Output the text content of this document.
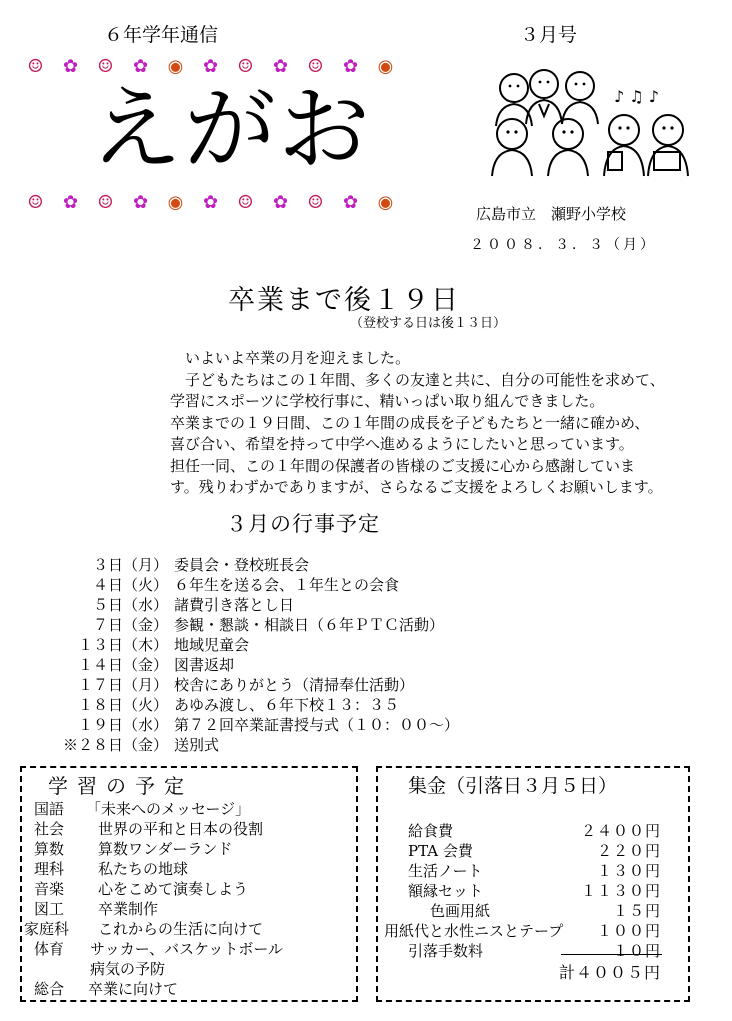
６年学年通信	３月号
☺	✿	☺	✿	◉	✿	☺	✿	☺	✿	◉
えがお
☺	✿	☺	✿	◉	✿	☺	✿	☺	✿	◉
♪ ♫ ♪
広島市立　瀬野小学校
２００８．３．３（月）
卒業まで後１９日
（登校する日は後１３日）

　いよいよ卒業の月を迎えました。

　子どもたちはこの１年間、多くの友達と共に、自分の可能性を求めて、

学習にスポーツに学校行事に、精いっぱい取り組んできました。

卒業までの１９日間、この１年間の成長を子どもたちと一緒に確かめ、

喜び合い、希望を持って中学へ進めるようにしたいと思っています。

担任一同、この１年間の保護者の皆様のご支援に心から感謝していま

す。残りわずかでありますが、さらなるご支援をよろしくお願いします。

３月の行事予定
３日（月） 委員会・登校班長会
４日（火） ６年生を送る会、１年生との会食
５日（水） 諸費引き落とし日
７日（金） 参観・懇談・相談日（６年ＰＴＣ活動）
１３日（木） 地域児童会
１４日（金） 図書返却
１７日（月） 校舎にありがとう（清掃奉仕活動）
１８日（火） あゆみ渡し、６年下校１３：３５
１９日（水） 第７２回卒業証書授与式（１０：００～）
※２８日（金） 送別式
学習の予定
国語 「未来へのメッセージ」
社会 世界の平和と日本の役割
算数 算数ワンダーランド
理科 私たちの地球
音楽 心をこめて演奏しよう
図工 卒業制作
家庭科 これからの生活に向けて
体育 サッカー、バスケットボール
病気の予防
総合 卒業に向けて
集金（引落日３月５日）
給食費	２４００円
PTA 会費	２２０円
生活ノート	１３０円
額縁セット	１１３０円
色画用紙	１５円
用紙代と水性ニスとテープ １００円
引落手数料	１０円
計４００５円
